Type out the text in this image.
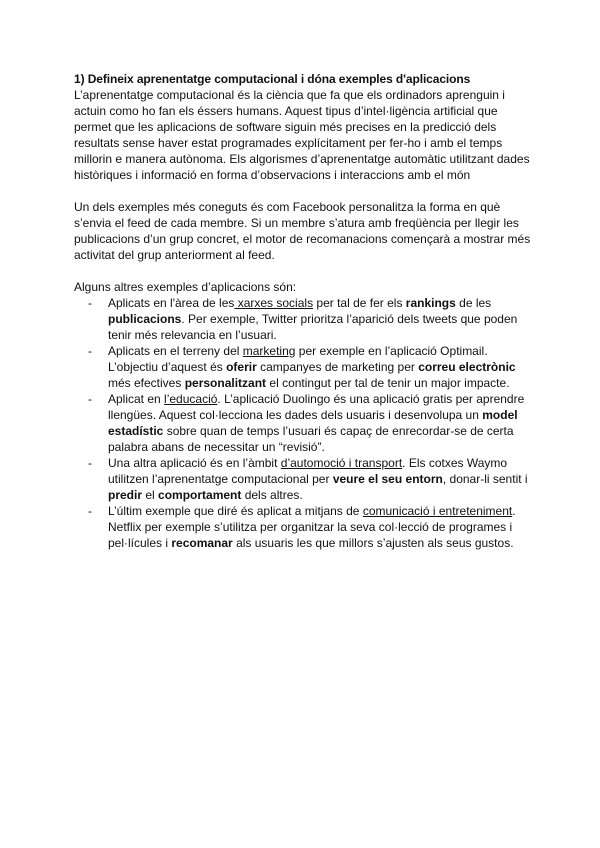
1) Defineix aprenentatge computacional i dóna exemples d'aplicacions

L’aprenentatge computacional és la ciència que fa que els ordinadors aprenguin i actuin como ho fan els éssers humans. Aquest tipus d’intel·ligència artificial que permet que les aplicacions de software siguin més precises en la predicció dels resultats sense haver estat programades explícitament per fer-ho i amb el temps millorin e manera autònoma. Els algorismes d’aprenentatge automàtic utilitzant dades històriques i informació en forma d’observacions i interaccions amb el món

Un dels exemples més coneguts és com Facebook personalitza la forma en què s’envia el feed de cada membre. Si un membre s’atura amb freqüència per llegir les publicacions d’un grup concret, el motor de recomanacions començarà a mostrar més activitat del grup anteriorment al feed.

Alguns altres exemples d’aplicacions són:

- Aplicats en l'àrea de les xarxes socials per tal de fer els rankings de les publicacions. Per exemple, Twitter prioritza l’aparició dels tweets que poden tenir més relevancia en l’usuari.
- Aplicats en el terreny del marketing per exemple en l’aplicació Optimail. L’objectiu d’aquest és oferir campanyes de marketing per correu electrònic més efectives personalitzant el contingut per tal de tenir un major impacte.
- Aplicat en l’educació. L’aplicació Duolingo és una aplicació gratis per aprendre llengües. Aquest col·lecciona les dades dels usuaris i desenvolupa un model estadístic sobre quan de temps l’usuari és capaç de enrecordar-se de certa palabra abans de necessitar un “revisió”.
- Una altra aplicació és en l’àmbit d’automoció i transport. Els cotxes Waymo utilitzen l’aprenentatge computacional per veure el seu entorn, donar-li sentit i predir el comportament dels altres.
- L’últim exemple que diré és aplicat a mitjans de comunicació i entreteniment. Netflix per exemple s’utilitza per organitzar la seva col·lecció de programes i pel·lícules i recomanar als usuaris les que millors s’ajusten als seus gustos.
